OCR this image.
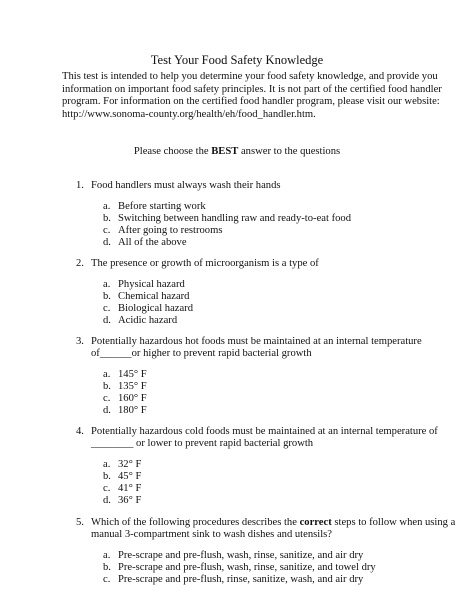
Test Your Food Safety Knowledge
This test is intended to help you determine your food safety knowledge, and provide you
information on important food safety principles. It is not part of the certified food handler
program. For information on the certified food handler program, please visit our website:
http://www.sonoma-county.org/health/eh/food_handler.htm.
Please choose the BEST answer to the questions
1. Food handlers must always wash their hands
a. Before starting work
b. Switching between handling raw and ready-to-eat food
c. After going to restrooms
d. All of the above
2. The presence or growth of microorganism is a type of
a. Physical hazard
b. Chemical hazard
c. Biological hazard
d. Acidic hazard
3. Potentially hazardous hot foods must be maintained at an internal temperature
of______or higher to prevent rapid bacterial growth
a. 145° F
b. 135° F
c. 160° F
d. 180° F
4. Potentially hazardous cold foods must be maintained at an internal temperature of
________ or lower to prevent rapid bacterial growth
a. 32° F
b. 45° F
c. 41° F
d. 36° F
5. Which of the following procedures describes the correct steps to follow when using a
manual 3-compartment sink to wash dishes and utensils?
a. Pre-scrape and pre-flush, wash, rinse, sanitize, and air dry
b. Pre-scrape and pre-flush, wash, rinse, sanitize, and towel dry
c. Pre-scrape and pre-flush, rinse, sanitize, wash, and air dry
